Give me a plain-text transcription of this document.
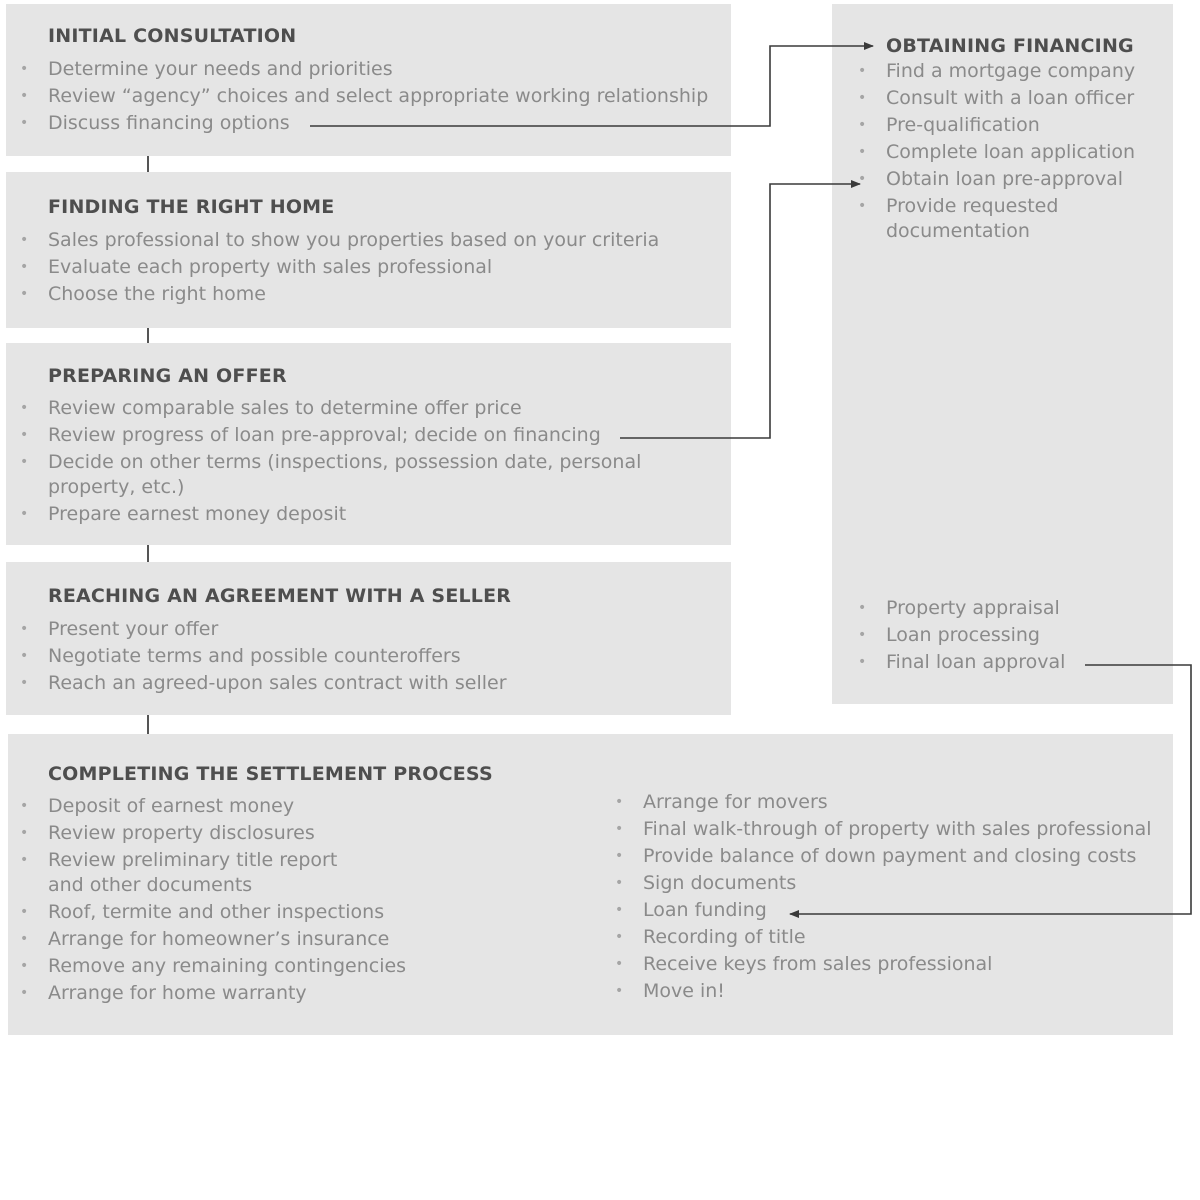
INITIAL CONSULTATION
• Determine your needs and priorities
• Review “agency” choices and select appropriate working relationship
• Discuss financing options
FINDING THE RIGHT HOME
• Sales professional to show you properties based on your criteria
• Evaluate each property with sales professional
• Choose the right home
PREPARING AN OFFER
• Review comparable sales to determine offer price
• Review progress of loan pre-approval; decide on financing
• Decide on other terms (inspections, possession date, personal property, etc.)
• Prepare earnest money deposit
REACHING AN AGREEMENT WITH A SELLER
• Present your offer
• Negotiate terms and possible counteroffers
• Reach an agreed-upon sales contract with seller
OBTAINING FINANCING
• Find a mortgage company
• Consult with a loan officer
• Pre-qualification
• Complete loan application
• Obtain loan pre-approval
• Provide requested documentation
• Property appraisal
• Loan processing
• Final loan approval
COMPLETING THE SETTLEMENT PROCESS
• Deposit of earnest money
• Review property disclosures
• Review preliminary title report and other documents
• Roof, termite and other inspections
• Arrange for homeowner’s insurance
• Remove any remaining contingencies
• Arrange for home warranty
• Arrange for movers
• Final walk-through of property with sales professional
• Provide balance of down payment and closing costs
• Sign documents
• Loan funding
• Recording of title
• Receive keys from sales professional
• Move in!
